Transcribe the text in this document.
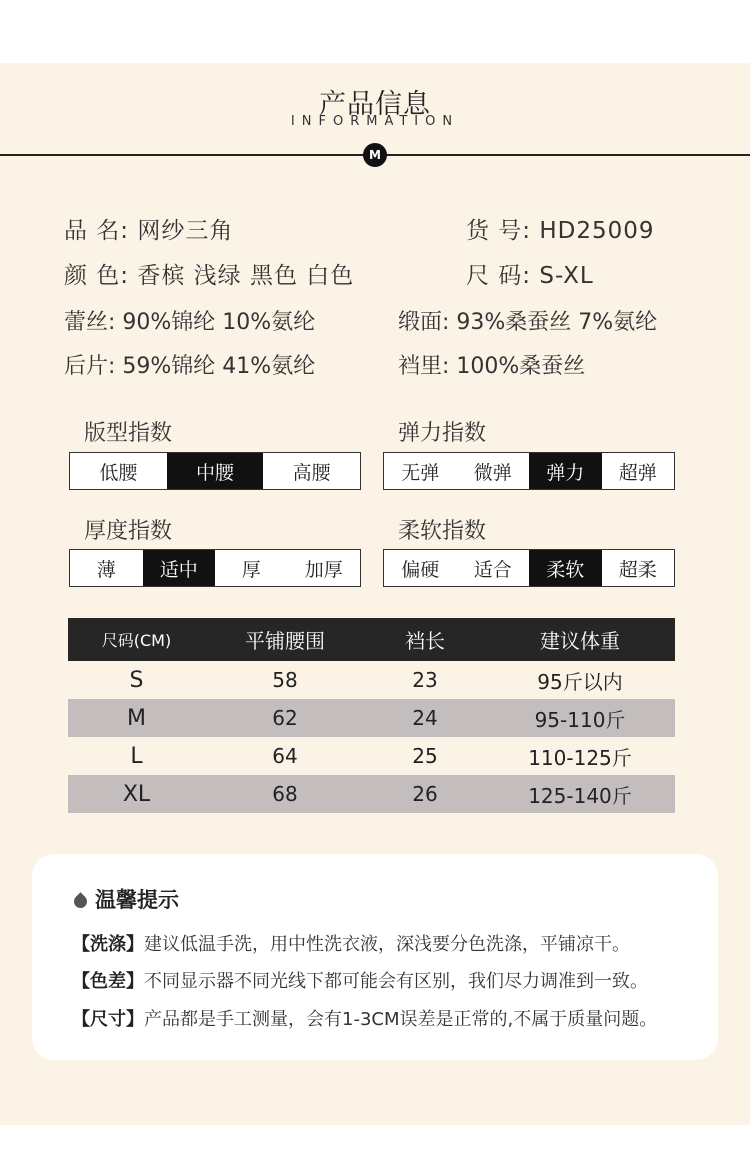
产品信息
INFORMATION
M
品 名: 网纱三角	货 号: HD25009
颜 色: 香槟 浅绿 黑色 白色	尺 码: S-XL
蕾丝: 90%锦纶 10%氨纶	缎面: 93%桑蚕丝 7%氨纶
后片: 59%锦纶 41%氨纶	裆里: 100%桑蚕丝
版型指数
低腰	中腰	高腰
弹力指数
无弹	微弹	弹力	超弹
厚度指数
薄	适中	厚	加厚
柔软指数
偏硬	适合	柔软	超柔
尺码(CM)	平铺腰围	裆长	建议体重
S	58	23	95斤以内
M	62	24	95-110斤
L	64	25	110-125斤
XL	68	26	125-140斤
温馨提示
【洗涤】建议低温手洗，用中性洗衣液，深浅要分色洗涤，平铺凉干。
【色差】不同显示器不同光线下都可能会有区别，我们尽力调准到一致。
【尺寸】产品都是手工测量，会有1-3CM误差是正常的,不属于质量问题。
